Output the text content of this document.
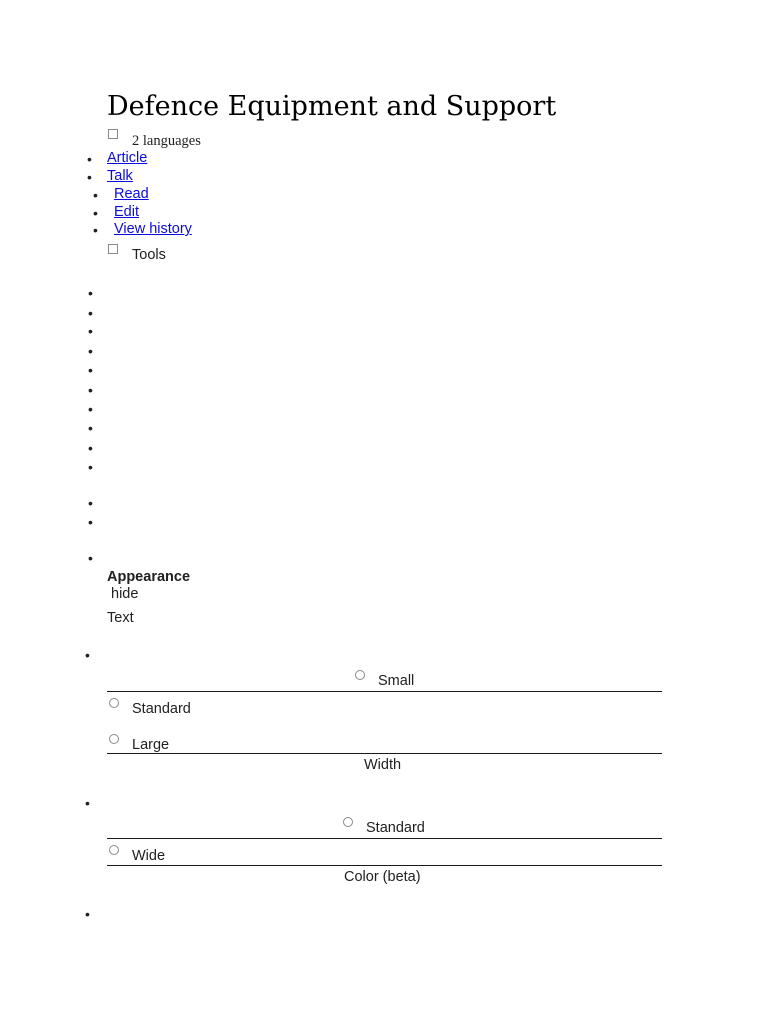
Defence Equipment and Support
2 languages
• Article
• Talk
• Read
• Edit
• View history
Tools
•
•
•
•
•
•
•
•
•
•
•
•
•
Appearance
hide
Text
•
Small
Standard
Large
Width
•
Standard
Wide
Color (beta)
•
